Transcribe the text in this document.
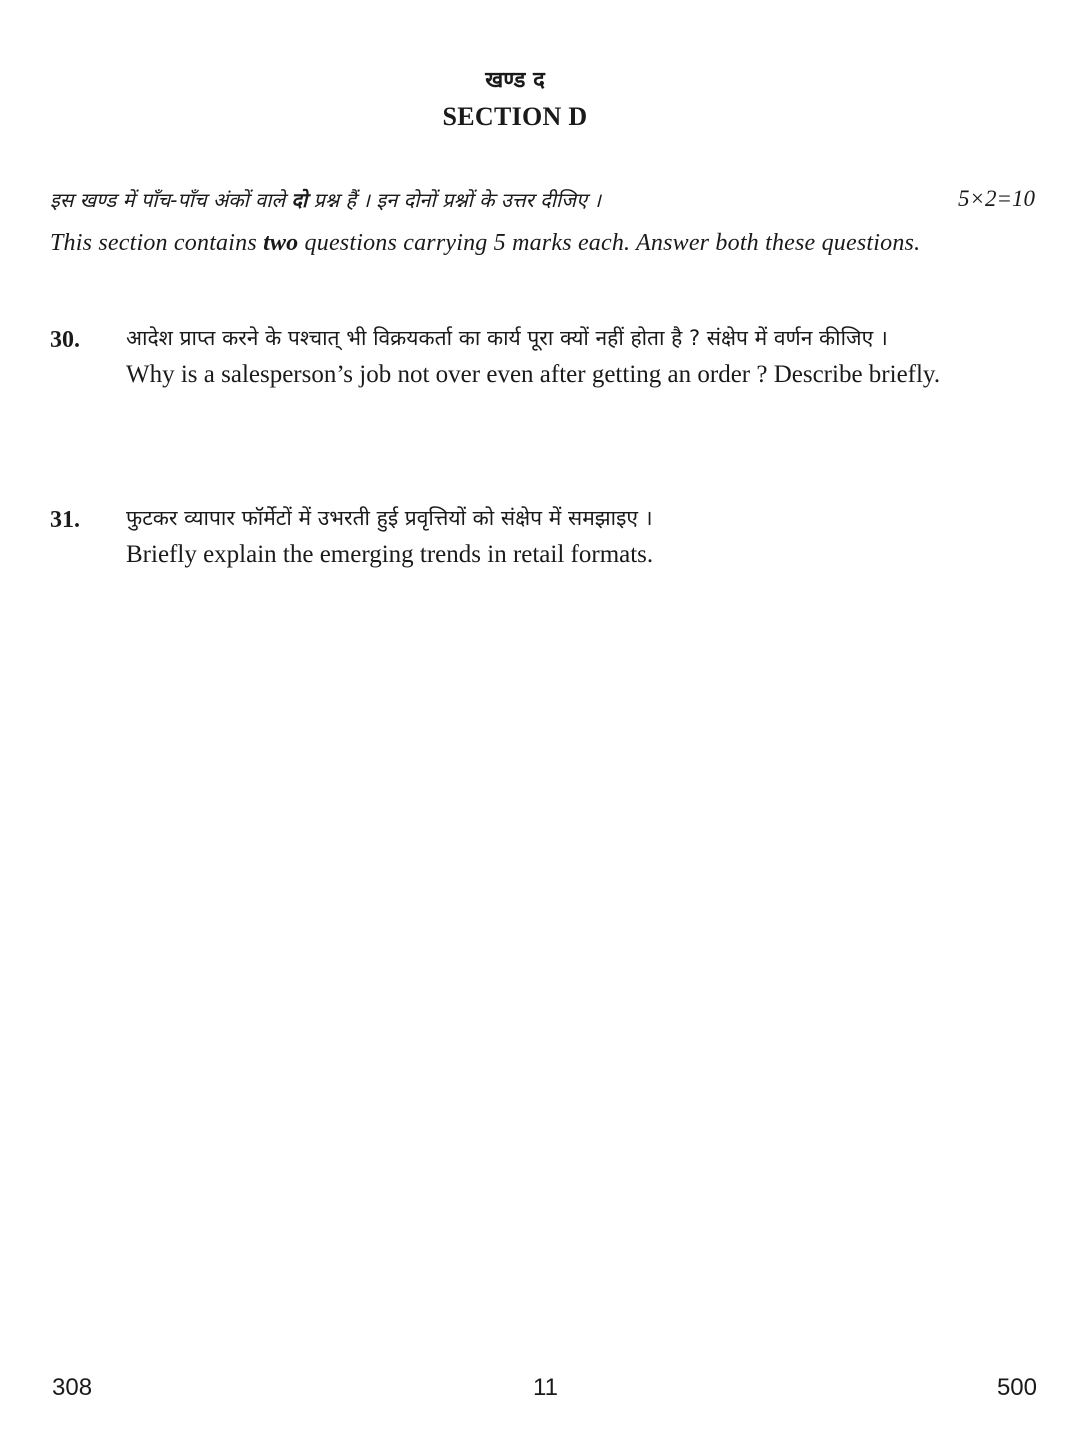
खण्ड द
SECTION D
इस खण्ड में पाँच-पाँच अंकों वाले दो प्रश्न हैं । इन दोनों प्रश्नों के उत्तर दीजिए ।	5×2=10
This section contains two questions carrying 5 marks each. Answer both these questions.
30. आदेश प्राप्त करने के पश्चात् भी विक्रयकर्ता का कार्य पूरा क्यों नहीं होता है ? संक्षेप में वर्णन कीजिए ।
Why is a salesperson’s job not over even after getting an order ? Describe briefly.
31. फुटकर व्यापार फॉर्मेटों में उभरती हुई प्रवृत्तियों को संक्षेप में समझाइए ।
Briefly explain the emerging trends in retail formats.
308	11	500
